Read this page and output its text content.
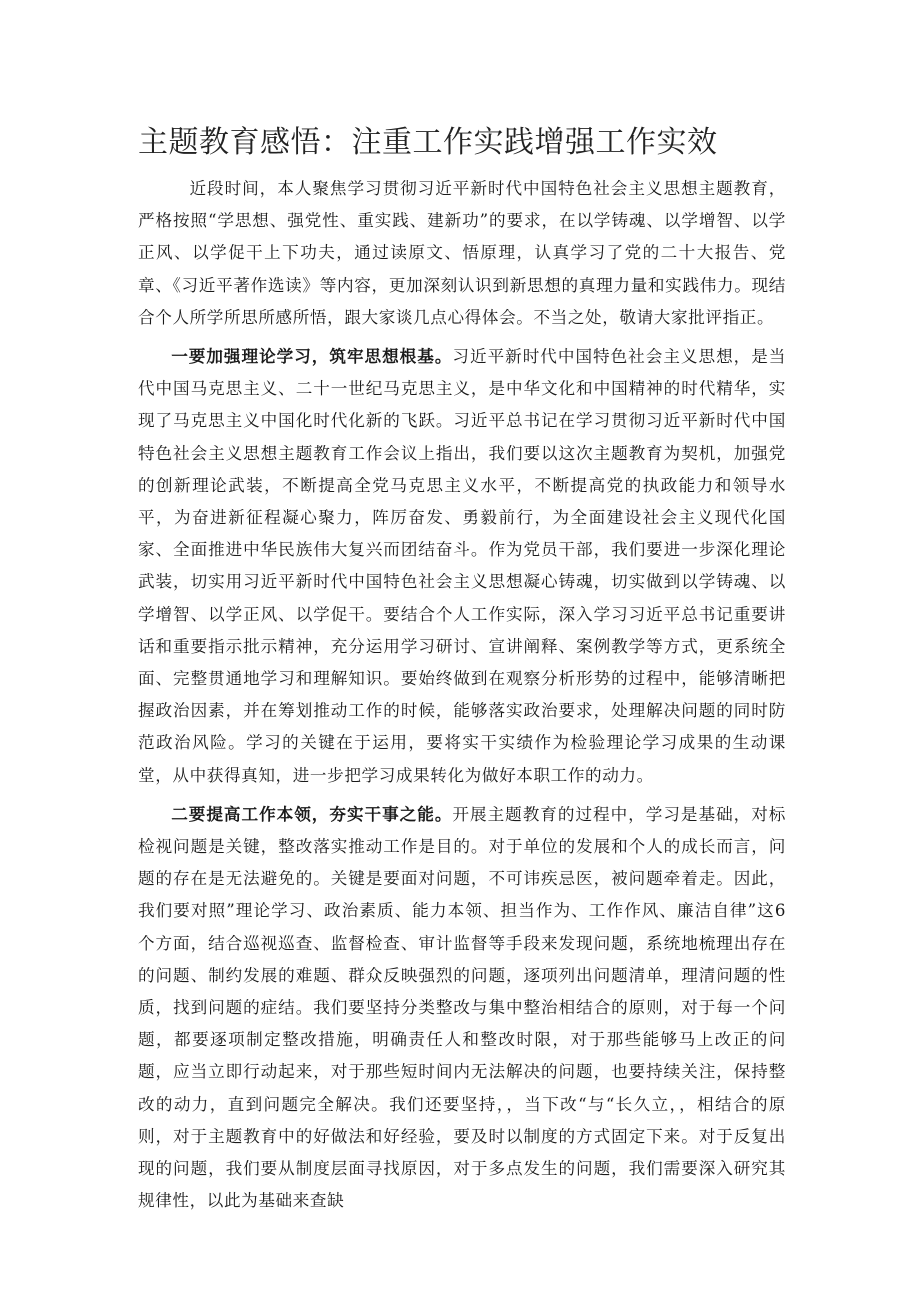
主题教育感悟：注重工作实践增强工作实效

近段时间，本人聚焦学习贯彻习近平新时代中国特色社会主义思想主题教育，严格按照“学思想、强党性、重实践、建新功”的要求，在以学铸魂、以学增智、以学正风、以学促干上下功夫，通过读原文、悟原理，认真学习了党的二十大报告、党章、《习近平著作选读》等内容，更加深刻认识到新思想的真理力量和实践伟力。现结合个人所学所思所感所悟，跟大家谈几点心得体会。不当之处，敬请大家批评指正。

一要加强理论学习，筑牢思想根基。习近平新时代中国特色社会主义思想，是当代中国马克思主义、二十一世纪马克思主义，是中华文化和中国精神的时代精华，实现了马克思主义中国化时代化新的飞跃。习近平总书记在学习贯彻习近平新时代中国特色社会主义思想主题教育工作会议上指出，我们要以这次主题教育为契机，加强党的创新理论武装，不断提高全党马克思主义水平，不断提高党的执政能力和领导水平，为奋进新征程凝心聚力，阵厉奋发、勇毅前行，为全面建设社会主义现代化国家、全面推进中华民族伟大复兴而团结奋斗。作为党员干部，我们要进一步深化理论武装，切实用习近平新时代中国特色社会主义思想凝心铸魂，切实做到以学铸魂、以学增智、以学正风、以学促干。要结合个人工作实际，深入学习习近平总书记重要讲话和重要指示批示精神，充分运用学习研讨、宣讲阐释、案例教学等方式，更系统全面、完整贯通地学习和理解知识。要始终做到在观察分析形势的过程中，能够清晰把握政治因素，并在筹划推动工作的时候，能够落实政治要求，处理解决问题的同时防范政治风险。学习的关键在于运用，要将实干实绩作为检验理论学习成果的生动课堂，从中获得真知，进一步把学习成果转化为做好本职工作的动力。

二要提高工作本领，夯实干事之能。开展主题教育的过程中，学习是基础，对标检视问题是关键，整改落实推动工作是目的。对于单位的发展和个人的成长而言，问题的存在是无法避免的。关键是要面对问题，不可讳疾忌医，被问题牵着走。因此，我们要对照”理论学习、政治素质、能力本领、担当作为、工作作风、廉洁自律”这6个方面，结合巡视巡查、监督检查、审计监督等手段来发现问题，系统地梳理出存在的问题、制约发展的难题、群众反映强烈的问题，逐项列出问题清单，理清问题的性质，找到问题的症结。我们要坚持分类整改与集中整治相结合的原则，对于每一个问题，都要逐项制定整改措施，明确责任人和整改时限，对于那些能够马上改正的问题，应当立即行动起来，对于那些短时间内无法解决的问题，也要持续关注，保持整改的动力，直到问题完全解决。我们还要坚持，，当下改“与“长久立，，相结合的原则，对于主题教育中的好做法和好经验，要及时以制度的方式固定下来。对于反复出现的问题，我们要从制度层面寻找原因，对于多点发生的问题，我们需要深入研究其规律性，以此为基础来查缺
